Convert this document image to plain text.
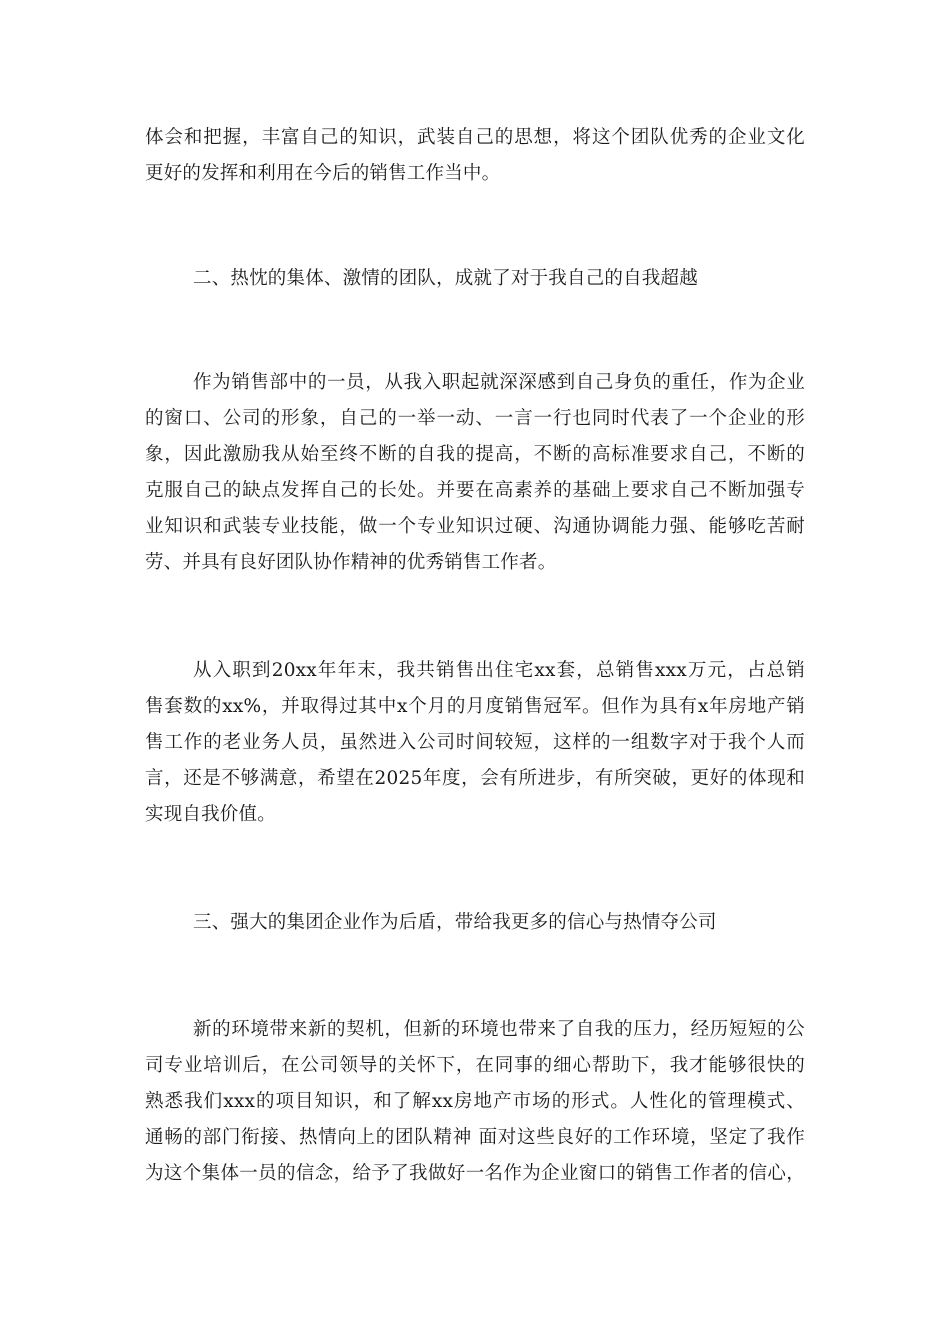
体会和把握，丰富自己的知识，武装自己的思想，将这个团队优秀的企业文化
更好的发挥和利用在今后的销售工作当中。
二、热忱的集体、激情的团队，成就了对于我自己的自我超越
作为销售部中的一员，从我入职起就深深感到自己身负的重任，作为企业
的窗口、公司的形象，自己的一举一动、一言一行也同时代表了一个企业的形
象，因此激励我从始至终不断的自我的提高，不断的高标准要求自己，不断的
克服自己的缺点发挥自己的长处。并要在高素养的基础上要求自己不断加强专
业知识和武装专业技能，做一个专业知识过硬、沟通协调能力强、能够吃苦耐
劳、并具有良好团队协作精神的优秀销售工作者。
从入职到20xx年年末，我共销售出住宅xx套，总销售xxx万元，占总销
售套数的xx%，并取得过其中x个月的月度销售冠军。但作为具有x年房地产销
售工作的老业务人员，虽然进入公司时间较短，这样的一组数字对于我个人而
言，还是不够满意，希望在2025年度，会有所进步，有所突破，更好的体现和
实现自我价值。
三、强大的集团企业作为后盾，带给我更多的信心与热情夺公司
新的环境带来新的契机，但新的环境也带来了自我的压力，经历短短的公
司专业培训后，在公司领导的关怀下，在同事的细心帮助下，我才能够很快的
熟悉我们xxx的项目知识，和了解xx房地产市场的形式。人性化的管理模式、
通畅的部门衔接、热情向上的团队精神 面对这些良好的工作环境，坚定了我作
为这个集体一员的信念，给予了我做好一名作为企业窗口的销售工作者的信心，
